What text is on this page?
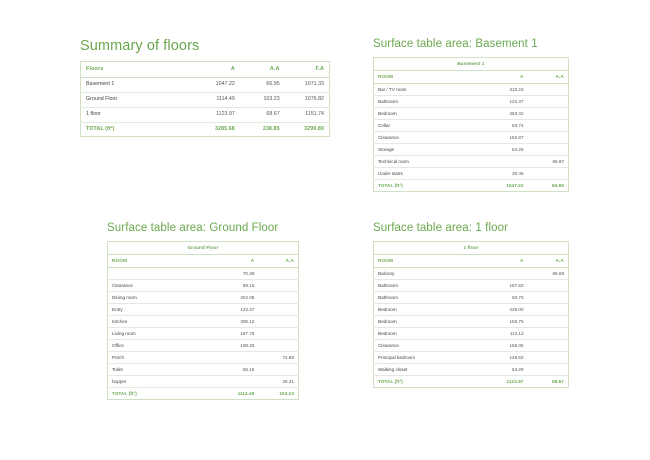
Summary of floors
Floors	A	A.A	F.A
Basement 1	1047.22	66.95	1071.33
Ground Floor	1114.49	103.23	1076.82
1 floor	1123.97	68.67	1151.74
TOTAL (ft²)	3285.68	238.85	3299.89
Surface table area: Basement 1
Basement 1		
ROOM	A	A.A
Bar / TV room	310.23	
Bathroom	122.37	
Bedroom	263.32	
Cellar	83.74	
Clearance	152.87	
Storage	84.25	
Technical room		66.97
Under stairs	30.46	
TOTAL (ft²)	1047.22	66.95
Surface table area: Ground Floor
Ground Floor		
ROOM	A	A.A
	70.38	
Clearance	59.16	
Dining room	204.08	
Entry	123.47	
Kitchen	305.12	
Living room	187.76	
Office	108.33	
Porch		74.88
Toilet	56.16	
hopper		28.31
TOTAL (ft²)	1114.49	103.23
Surface table area: 1 floor
1 floor		
ROOM	A	A.A
Balcony		68.69
Bathroom	157.62	
Bathroom	93.70	
Bedroom	228.00	
Bedroom	155.75	
Bedroom	112.12	
Clearance	165.06	
Principal bedroom	148.52	
Walking closet	63.29	
TOTAL (ft²)	1123.97	68.67
